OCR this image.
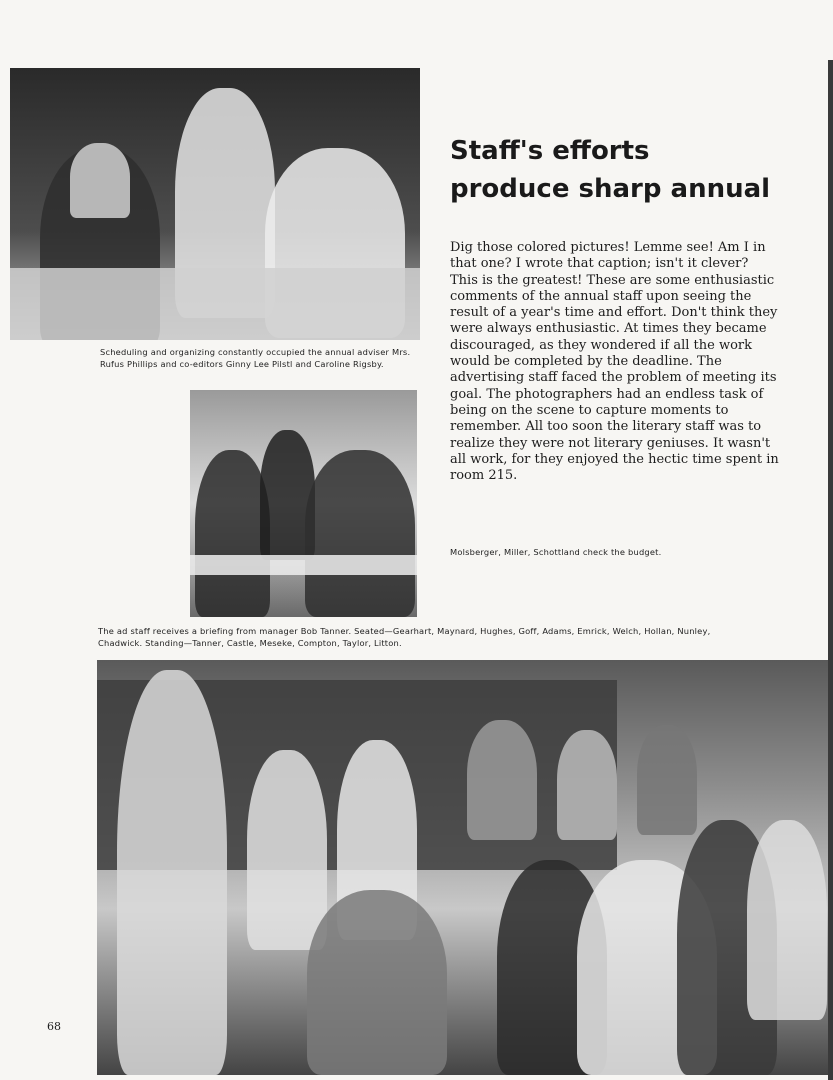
Scheduling and organizing constantly occupied the annual adviser Mrs. Rufus Phillips and co-editors Ginny Lee Pilstl and Caroline Rigsby.
Staff's efforts
produce sharp annual

Dig those colored pictures! Lemme see! Am I in that one? I wrote that caption; isn't it clever? This is the greatest! These are some enthusiastic comments of the annual staff upon seeing the result of a year's time and effort. Don't think they were always enthusiastic. At times they became discouraged, as they wondered if all the work would be completed by the deadline. The advertising staff faced the problem of meeting its goal. The photographers had an endless task of being on the scene to capture moments to remember. All too soon the literary staff was to realize they were not literary geniuses. It wasn't all work, for they enjoyed the hectic time spent in room 215.

Molsberger, Miller, Schottland check the budget.
The ad staff receives a briefing from manager Bob Tanner. Seated—Gearhart, Maynard, Hughes, Goff, Adams, Emrick, Welch, Hollan, Nunley, Chadwick. Standing—Tanner, Castle, Meseke, Compton, Taylor, Litton.
68
